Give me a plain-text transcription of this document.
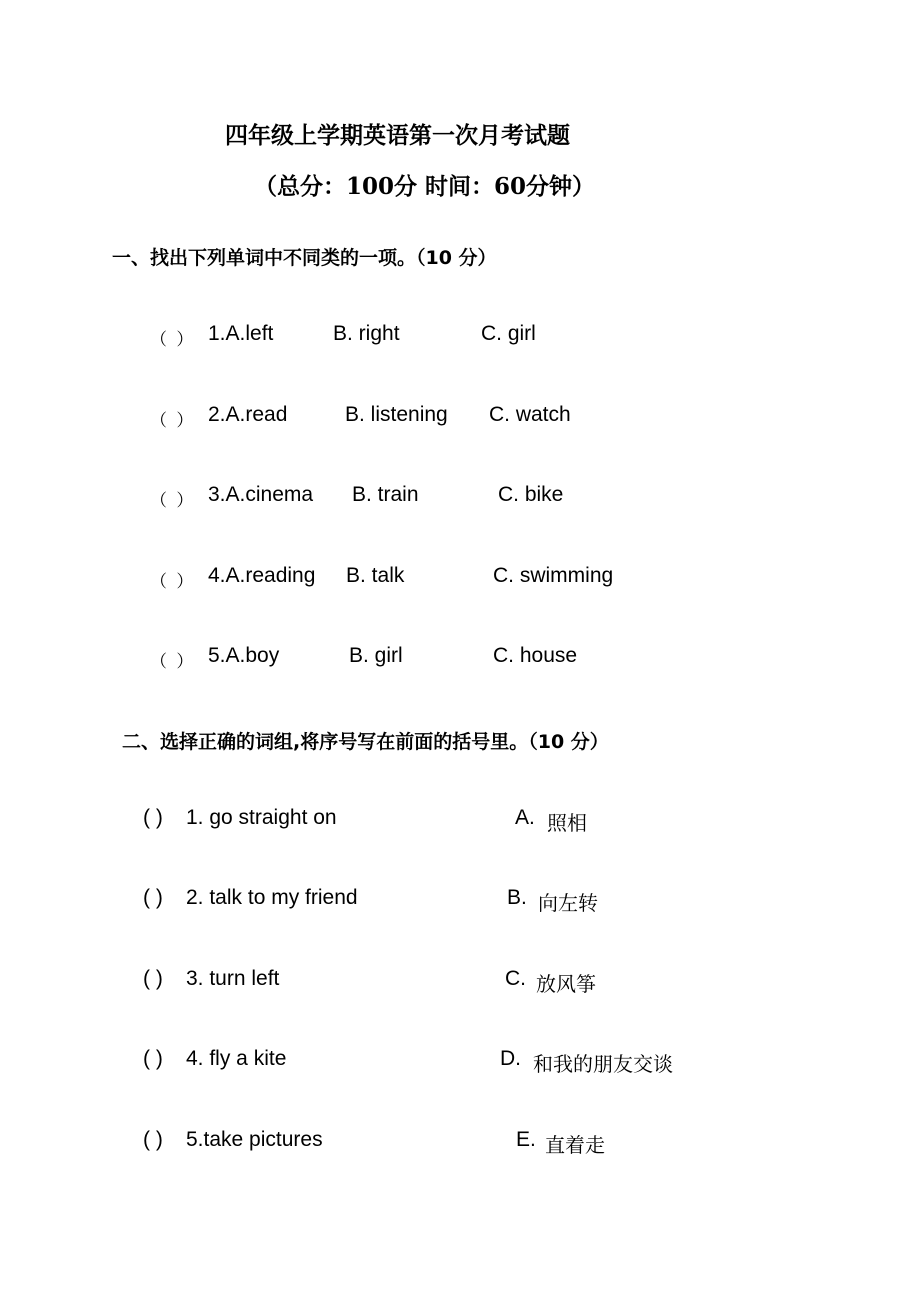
四年级上学期英语第一次月考试题
（总分：100分 时间：60分钟）
一、找出下列单词中不同类的一项。（10 分）
（ ） 1.A.left	B. right	C. girl
（ ） 2.A.read	B. listening C. watch
（ ） 3.A.cinema B. train	C. bike
（ ） 4.A.reading B. talk	C. swimming
（ ） 5.A.boy	B. girl	C. house
二、选择正确的词组,将序号写在前面的括号里。（10 分）
( ) 1. go straight on	A. 照相
( ) 2. talk to my friend	B. 向左转
( ) 3. turn left	C. 放风筝
( ) 4. fly a kite	D. 和我的朋友交谈
( ) 5.take pictures	E. 直着走
